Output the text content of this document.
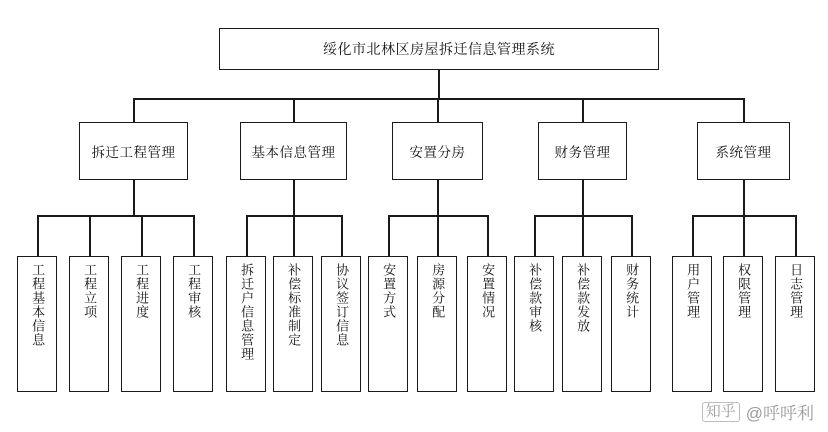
绥化市北林区房屋拆迁信息管理系统
拆迁工程管理	基本信息管理	安置分房	财务管理	系统管理
工程基本信息	工程立项	工程进度	工程审核	拆迁户信息管理 补偿标准制定	协议签订信息 安置方式	房源分配	安置情况 补偿款审核	补偿款发放	财务统计	用户管理	权限管理	日志管理
知乎 @呼呼利
